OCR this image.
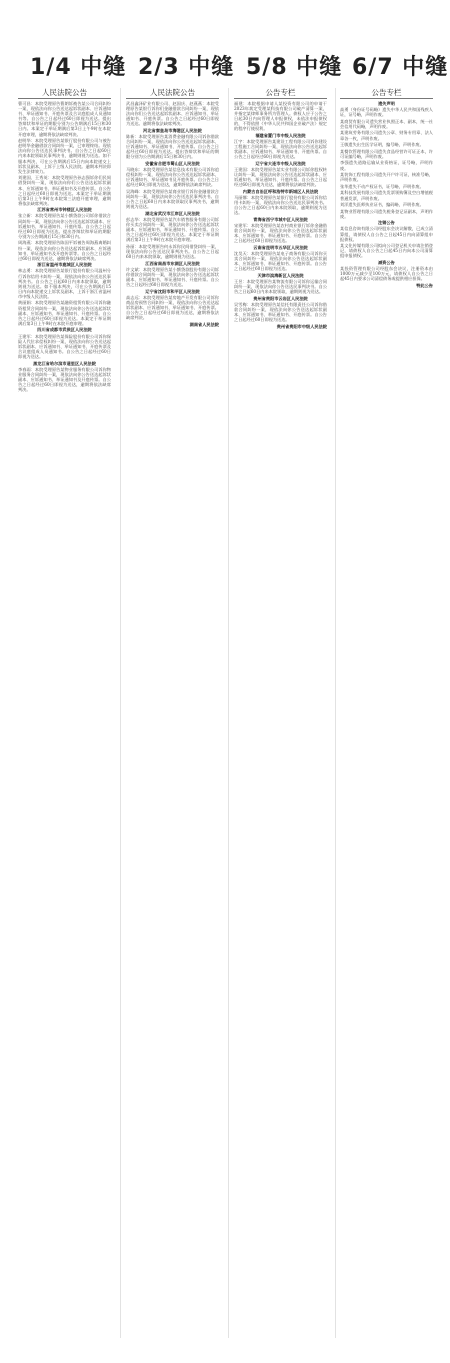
1/4 中缝 2/3 中缝 5/8 中缝 6/7 中缝
人民法院公告
曹可昌：本院受理原告曹朗诉被告某公司合同纠纷一案，现依法向你公告送达起诉状副本、应诉通知书、举证通知书、开庭传票及合议庭组成人员通知书等。自公告之日起经过60日即视为送达。提出答辩状和举证的期限分别为公告期满后15日和30日内。本案定于举证期满后第3日上午9时在本院开庭审理，逾期将依法缺席判决。
赵明华：本院受理原告某银行股份有限公司与被告赵明华金融借款合同纠纷一案，已审理终结。现依法向你公告送达民事判决书。自公告之日起60日内来本院领取民事判决书，逾期则视为送达。如不服本判决，可在公告期满后15日内向本院递交上诉状及副本，上诉于上级人民法院。逾期本判决即发生法律效力。
刘建国、王秀英：本院受理原告孙志强诉你们民间借贷纠纷一案，现依法向你们公告送达起诉状副本、应诉通知书、举证通知书及开庭传票。自公告之日起经过60日即视为送达。本案定于举证期满后第3日上午9时在本院第三法庭开庭审理，逾期将依法缺席判决。
江苏省常州市钟楼区人民法院
张立新：本院受理原告某小额贷款公司诉你借款合同纠纷一案，现依法向你公告送达起诉状副本、应诉通知书、举证通知书、开庭传票。自公告之日起经过60日即视为送达。提出答辩状和举证的期限分别为公告期满后15日和30日内。
周海燕：本院受理原告陈国平诉被告周海燕离婚纠纷一案，现依法向你公告送达起诉状副本、应诉通知书、举证通知书及开庭传票等。自公告之日起经过60日即视为送达，逾期将依法缺席判决。
浙江省温州市鹿城区人民法院
林志勇：本院受理原告某银行股份有限公司温州分行诉你信用卡纠纷一案，现依法向你公告送达民事判决书。自公告之日起60日内来本院领取，逾期则视为送达。如不服本判决，可在公告期满后15日内向本院递交上诉状及副本，上诉于浙江省温州市中级人民法院。
黄丽娟：本院受理原告某融资租赁有限公司诉你融资租赁合同纠纷一案，现依法向你公告送达起诉状副本、应诉通知书、举证通知书、开庭传票。自公告之日起经过60日即视为送达。本案定于举证期满后第3日上午9时在本院开庭审理。
四川省成都市武侯区人民法院
王建军：本院受理原告某保险股份有限公司诉你保险人代位求偿权纠纷一案，现依法向你公告送达起诉状副本、应诉通知书、举证通知书、开庭传票及合议庭组成人员通知书。自公告之日起经过60日即视为送达。
黑龙江省哈尔滨市道里区人民法院
李春雨：本院受理原告某物业服务有限公司诉你物业服务合同纠纷一案，现依法向你公告送达起诉状副本、应诉通知书、举证通知书及开庭传票。自公告之日起经过60日即视为送达，逾期将依法缺席判决。
人民法院公告
武昌鑫泽矿业有限公司、赵国庆、赵燕燕：本院受理原告某银行诉你们金融借款合同纠纷一案，现依法向你们公告送达起诉状副本、应诉通知书、举证通知书、开庭传票。自公告之日起经过60日即视为送达。逾期将依法缺席判决。
河北省秦皇岛市海港区人民法院
陈新：本院受理原告某消费金融有限公司诉你借款合同纠纷一案，现依法向你公告送达起诉状副本、应诉通知书、举证通知书、开庭传票。自公告之日起经过60日即视为送达。提出答辩状和举证的期限分别为公告期满后15日和30日内。
安徽省合肥市蜀山区人民法院
马晓东：本院受理原告某信息技术有限公司诉你追偿权纠纷一案，现依法向你公告送达起诉状副本、应诉通知书、举证通知书及开庭传票。自公告之日起经过60日即视为送达，逾期将依法缺席判决。
吴海峰：本院受理原告某商业银行诉你金融借款合同纠纷一案，现依法向你公告送达民事判决书。自公告之日起60日内来本院领取民事判决书，逾期则视为送达。
湖北省武汉市江岸区人民法院
彭志华：本院受理原告某汽车销售服务有限公司诉你买卖合同纠纷一案，现依法向你公告送达起诉状副本、应诉通知书、举证通知书、开庭传票。自公告之日起经过60日即视为送达。本案定于举证期满后第3日上午9时在本院开庭审理。
孙丽：本院受理原告何永诉你民间借贷纠纷一案，现依法向你公告送达民事判决书。自公告之日起60日内来本院领取，逾期则视为送达。
江西省南昌市东湖区人民法院
许文斌：本院受理原告某小额贷款股份有限公司诉你借款合同纠纷一案，现依法向你公告送达起诉状副本、应诉通知书、举证通知书、开庭传票。自公告之日起经过60日即视为送达。
辽宁省沈阳市和平区人民法院
高志远：本院受理原告某房地产开发有限公司诉你商品房预售合同纠纷一案，现依法向你公告送达起诉状副本、应诉通知书、举证通知书、开庭传票。自公告之日起经过60日即视为送达，逾期将依法缺席判决。
湖南省人民法院
公告专栏
福建：本院根据申请人某投资有限公司的申请于2023年裁定受理某科技有限公司破产清算一案，并指定某律师事务所为管理人。债权人应于公告之日起30日内向管理人申报债权，未依法申报债权的，不得依照《中华人民共和国企业破产法》规定的程序行使权利。
福建省厦门市中级人民法院
江宇：本院受理原告某建设工程有限公司诉你建设工程施工合同纠纷一案，现依法向你公告送达起诉状副本、应诉通知书、举证通知书、开庭传票。自公告之日起经过60日即视为送达。
辽宁省大连市中级人民法院
王建国：本院受理原告某实业有限公司诉你股权转让纠纷一案，现依法向你公告送达起诉状副本、应诉通知书、举证通知书、开庭传票。自公告之日起经过60日即视为送达，逾期将依法缺席判决。
内蒙古自治区呼和浩特市新城区人民法院
马丽娜：本院受理原告某银行股份有限公司诉你信用卡纠纷一案，现依法向你公告送达民事判决书。自公告之日起60日内来本院领取，逾期则视为送达。
青海省西宁市城中区人民法院
宋建军：本院受理原告某农村商业银行诉你金融借款合同纠纷一案，现依法向你公告送达起诉状副本、应诉通知书、举证通知书、开庭传票。自公告之日起经过60日即视为送达。
云南省昆明市五华区人民法院
沈昊天：本院受理原告某电子商务有限公司诉你买卖合同纠纷一案，现依法向你公告送达起诉状副本、应诉通知书、举证通知书、开庭传票。自公告之日起经过60日即视为送达。
天津市滨海新区人民法院
王昱：本院受理原告某物流有限公司诉你运输合同纠纷一案，现依法向你公告送达民事判决书。自公告之日起60日内来本院领取，逾期则视为送达。
贵州省贵阳市云岩区人民法院
吴雪梅：本院受理原告某信托有限责任公司诉你借款合同纠纷一案，现依法向你公告送达起诉状副本、应诉通知书、举证通知书、开庭传票。自公告之日起经过60日即视为送达。
贵州省贵阳市中级人民法院
公告专栏
遗失声明
高勇（身份证号码略）遗失中华人民共和国残疾人证，证号略，声明作废。
某商贸有限公司遗失营业执照正本、副本，统一社会信用代码略，声明作废。
某建筑劳务有限公司遗失公章、财务专用章、法人章各一枚，声明作废。
王敏遗失出生医学证明，编号略，声明作废。
某餐饮管理有限公司遗失食品经营许可证正本，许可证编号略，声明作废。
李强遗失道路运输从业资格证，证号略，声明作废。
某装饰工程有限公司遗失开户许可证，核准号略，声明作废。
张华遗失不动产权证书，证号略，声明作废。
某科技发展有限公司遗失发票领购簿及空白增值税普通发票，声明作废。
刘洋遗失医师执业证书，编码略，声明作废。
某物业管理有限公司遗失税务登记证副本，声明作废。
注销公告
某信息咨询有限公司经股东会决议解散，已成立清算组，请债权人自公告之日起45日内向清算组申报债权。
某文化传媒有限公司拟向公司登记机关申请注销登记，请债权人自公告之日起45日内向本公司清算组申报债权。
减资公告
某投资管理有限公司经股东会决议，注册资本由1000万元减少至100万元，请债权人自公告之日起45日内要求公司清偿债务或提供相应担保。
特此公告
